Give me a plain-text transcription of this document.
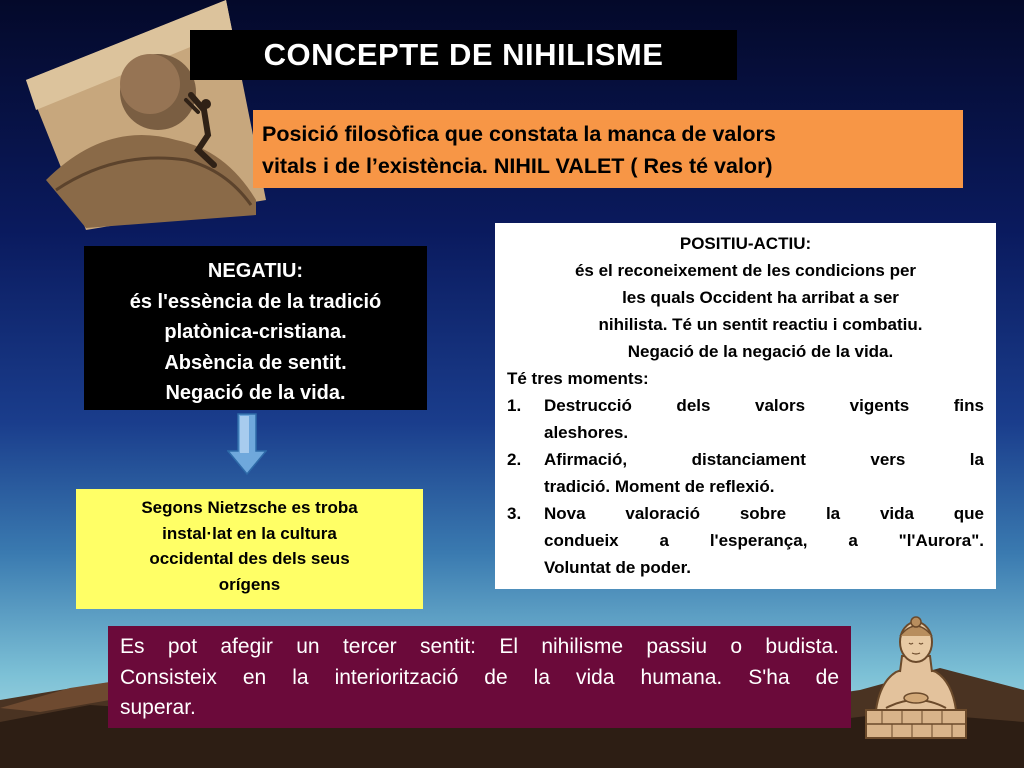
CONCEPTE DE NIHILISME
Posició filosòfica que constata la manca de valors
vitals i de l’existència. NIHIL VALET ( Res té valor)
NEGATIU:
és l'essència de la tradició
platònica-cristiana.
Absència de sentit.
Negació de la vida.
Segons Nietzsche es troba
instal·lat en la cultura
occidental des dels seus
orígens
POSITIU-ACTIU:
és el reconeixement de les condicions per
les quals Occident ha arribat a ser
nihilista. Té un sentit reactiu i combatiu.
Negació de la negació de la vida.
Té tres moments:
1. Destrucció dels valors vigents fins
aleshores.
2. Afirmació, distanciament vers la
tradició. Moment de reflexió.
3. Nova valoració sobre la vida que
condueix a l'esperança, a "l'Aurora".
Voluntat de poder.
Es pot afegir un tercer sentit: El nihilisme passiu o budista.
Consisteix en la interiorització de la vida humana. S'ha de
superar.
